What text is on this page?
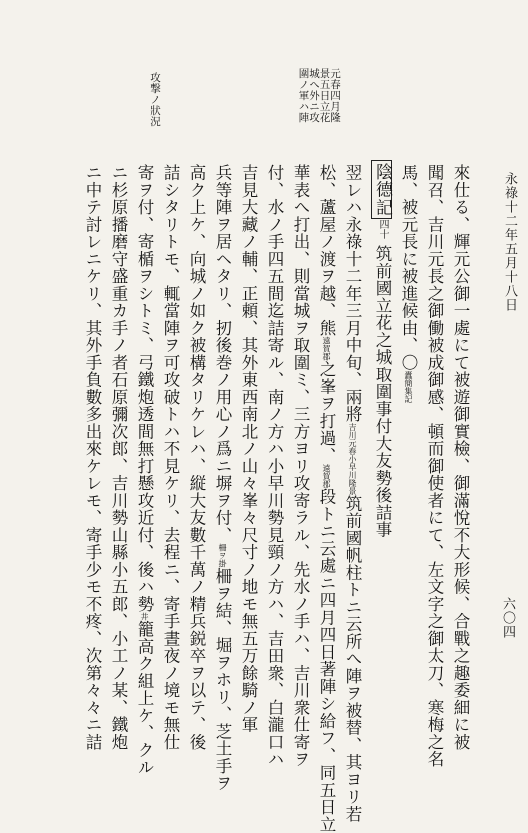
永祿十二年五月十八日
六〇四
來仕る、輝元公御一處にて被遊御實檢、御滿悅不大形候、合戰之趣委細に被
聞召、吉川元長之御働被成御感、頓而御使者にて、左文字之御太刀、寒梅之名
馬、被元長に被進候由、〇蠹簡集記
陰德記四十筑前國立花之城取圍事付大友勢後詰事
翌レハ永祿十二年三月中旬、兩將吉川元春小早川隆景筑前國帆柱トニ云所へ陣ヲ被替、其ヨリ若
松、蘆屋ノ渡ヲ越、熊遠賀郡之峯ヲ打過、遠賀郡段トニ云處ニ四月四日著陣シ給フ、同五日立
華表へ打出、則當城ヲ取圍ミ、三方ヨリ攻寄ラル、先水ノ手ハ、吉川衆仕寄ヲ
付、水ノ手四五間迄詰寄ル、南ノ方ハ小早川勢見頸ノ方ハ、吉田衆、白瀧口ハ
吉見大藏ノ輔、正頼、其外東西南北ノ山々峯々尺寸ノ地モ無五万餘騎ノ軍
兵等陣ヲ居ヘタリ、扨後巻ノ用心ノ爲ニ塀ヲ付、柵ヲ掛柵ヲ結、堀ヲホリ、芝土手ヲ
高ク上ケ、向城ノ如ク被構タリケレハ、縦大友數千萬ノ精兵鋭卒ヲ以テ、後
詰シタリトモ、輒當陣ヲ可攻破トハ不見ケリ、去程ニ、寄手晝夜ノ境モ無仕
寄ヲ付、寄楯ヲシトミ、弓鐵炮透間無打懸攻近付、後ハ勢井籠高ク組上ケ、クル
ニ杉原播磨守盛重カ手ノ者石原彌次郎、吉川勢山縣小五郎、小工ノ某、鐵炮
ニ中テ討レニケリ、其外手負數多出來ケレモ、寄手少モ不疼、次第々々ニ詰
元春四月隆景五日立花城へ外ニ攻圍ノ軍ハ陣
攻撃ノ狀況
